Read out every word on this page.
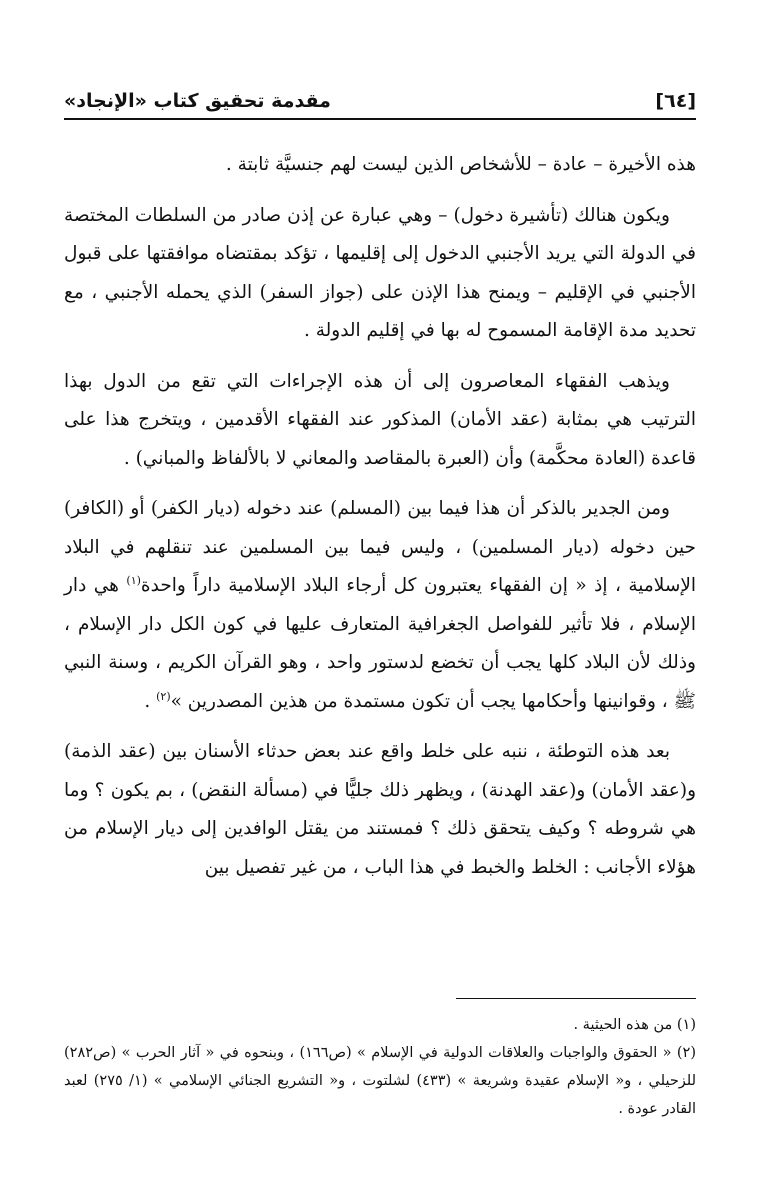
[٦٤]
مقدمة تحقيق كتاب «الإنجاد»

هذه الأخيرة – عادة – للأشخاص الذين ليست لهم جنسيَّة ثابتة .

ويكون هنالك (تأشيرة دخول) – وهي عبارة عن إذن صادر من السلطات المختصة في الدولة التي يريد الأجنبي الدخول إلى إقليمها ، تؤكد بمقتضاه موافقتها على قبول الأجنبي في الإقليم – ويمنح هذا الإذن على (جواز السفر) الذي يحمله الأجنبي ، مع تحديد مدة الإقامة المسموح له بها في إقليم الدولة .

ويذهب الفقهاء المعاصرون إلى أن هذه الإجراءات التي تقع من الدول بهذا الترتيب هي بمثابة (عقد الأمان) المذكور عند الفقهاء الأقدمين ، ويتخرج هذا على قاعدة (العادة محكَّمة) وأن (العبرة بالمقاصد والمعاني لا بالألفاظ والمباني) .

ومن الجدير بالذكر أن هذا فيما بين (المسلم) عند دخوله (ديار الكفر) أو (الكافر) حين دخوله (ديار المسلمين) ، وليس فيما بين المسلمين عند تنقلهم في البلاد الإسلامية ، إذ « إن الفقهاء يعتبرون كل أرجاء البلاد الإسلامية داراً واحدة$^{(١)}$ هي دار الإسلام ، فلا تأثير للفواصل الجغرافية المتعارف عليها في كون الكل دار الإسلام ، وذلك لأن البلاد كلها يجب أن تخضع لدستور واحد ، وهو القرآن الكريم ، وسنة النبي ﷺ ، وقوانينها وأحكامها يجب أن تكون مستمدة من هذين المصدرين »$^{(٢)}$ .

بعد هذه التوطئة ، ننبه على خلط واقع عند بعض حدثاء الأسنان بين (عقد الذمة) و(عقد الأمان) و(عقد الهدنة) ، ويظهر ذلك جليًّا في (مسألة النقض) ، بم يكون ؟ وما هي شروطه ؟ وكيف يتحقق ذلك ؟ فمستند من يقتل الوافدين إلى ديار الإسلام من هؤلاء الأجانب : الخلط والخبط في هذا الباب ، من غير تفصيل بين

(١) من هذه الحيثية .

(٢) « الحقوق والواجبات والعلاقات الدولية في الإسلام » (ص١٦٦) ، وبنحوه في « آثار الحرب » (ص٢٨٢) للزحيلي ، و« الإسلام عقيدة وشريعة » (٤٣٣) لشلتوت ، و« التشريع الجنائي الإسلامي » (١/ ٢٧٥) لعبد القادر عودة .
